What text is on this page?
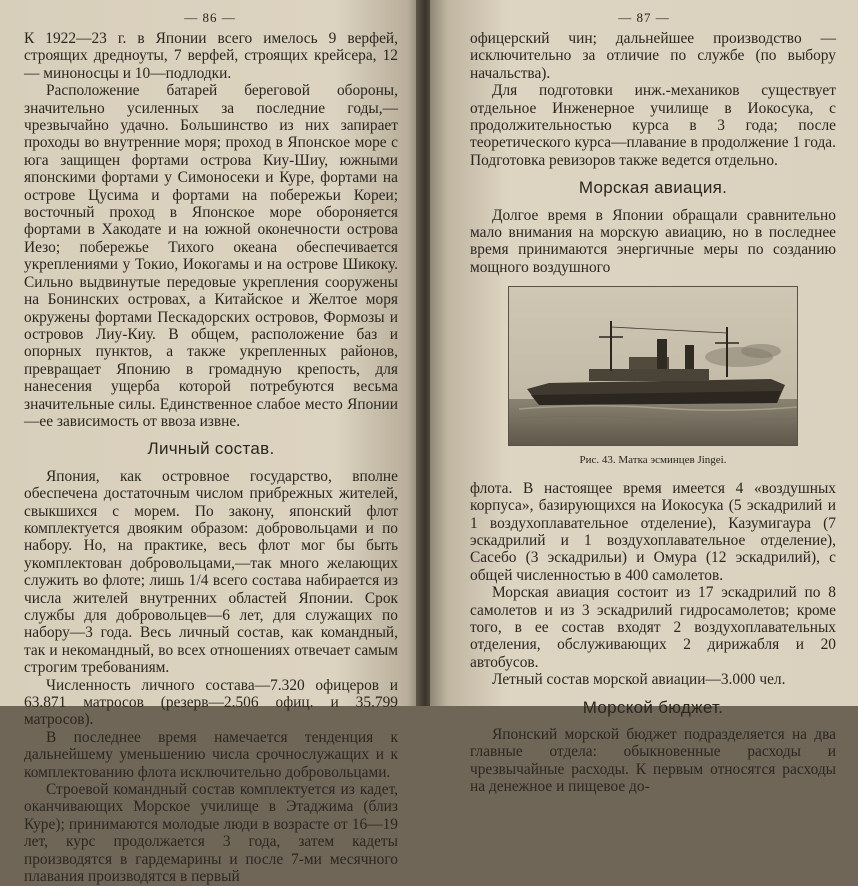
— 86 —

К 1922—23 г. в Японии всего имелось 9 верфей, строящих дредноуты, 7 верфей, строящих крейсера, 12 — миноносцы и 10—подлодки.

Расположение батарей береговой обороны, значительно усиленных за последние годы,—чрезвычайно удачно. Большинство из них запирает проходы во внутренние моря; проход в Японское море с юга защищен фортами острова Киу-Шиу, южными японскими фортами у Симоносеки и Куре, фортами на острове Цусима и фортами на побережьи Кореи; восточный проход в Японское море обороняется фортами в Хакодате и на южной оконечности острова Иезо; побережье Тихого океана обеспечивается укреплениями у Токио, Иокогамы и на острове Шикоку. Сильно выдвинутые передовые укрепления сооружены на Бонинских островах, а Китайское и Желтое моря окружены фортами Пескадорских островов, Формозы и островов Лиу-Киу. В общем, расположение баз и опорных пунктов, а также укрепленных районов, превращает Японию в громадную крепость, для нанесения ущерба которой потребуются весьма значительные силы. Единственное слабое место Японии—ее зависимость от ввоза извне.

Личный состав.

Япония, как островное государство, вполне обеспечена достаточным числом прибрежных жителей, свыкшихся с морем. По закону, японский флот комплектуется двояким образом: добровольцами и по набору. Но, на практике, весь флот мог бы быть укомплектован добровольцами,—так много желающих служить во флоте; лишь 1/4 всего состава набирается из числа жителей внутренних областей Японии. Срок службы для добровольцев—6 лет, для служащих по набору—3 года. Весь личный состав, как командный, так и некомандный, во всех отношениях отвечает самым строгим требованиям.

Численность личного состава—7.320 офицеров и 63.871 матросов (резерв—2.506 офиц. и 35.799 матросов).

В последнее время намечается тенденция к дальнейшему уменьшению числа срочнослужащих и к комплектованию флота исключительно добровольцами.

Строевой командный состав комплектуется из кадет, оканчивающих Морское училище в Этаджима (близ Куре); принимаются молодые люди в возрасте от 16—19 лет, курс продолжается 3 года, затем кадеты производятся в гардемарины и после 7-ми месячного плавания производятся в первый

— 87 —

офицерский чин; дальнейшее производство — исключительно за отличие по службе (по выбору начальства).

Для подготовки инж.-механиков существует отдельное Инженерное училище в Иокосука, с продолжительностью курса в 3 года; после теоретического курса—плавание в продолжение 1 года. Подготовка ревизоров также ведется отдельно.

Морская авиация.

Долгое время в Японии обращали сравнительно мало внимания на морскую авиацию, но в последнее время принимаются энергичные меры по созданию мощного воздушного

Рис. 43. Матка эсминцев Jingei.

флота. В настоящее время имеется 4 «воздушных корпуса», базирующихся на Иокосука (5 эскадрилий и 1 воздухоплавательное отделение), Казумигаура (7 эскадрилий и 1 воздухоплавательное отделение), Сасебо (3 эскадрильи) и Омура (12 эскадрилий), с общей численностью в 400 самолетов.

Морская авиация состоит из 17 эскадрилий по 8 самолетов и из 3 эскадрилий гидросамолетов; кроме того, в ее состав входят 2 воздухоплавательных отделения, обслуживающих 2 дирижабля и 20 автобусов.

Летный состав морской авиации—3.000 чел.

Морской бюджет.

Японский морской бюджет подразделяется на два главные отдела: обыкновенные расходы и чрезвычайные расходы. К первым относятся расходы на денежное и пищевое до-
